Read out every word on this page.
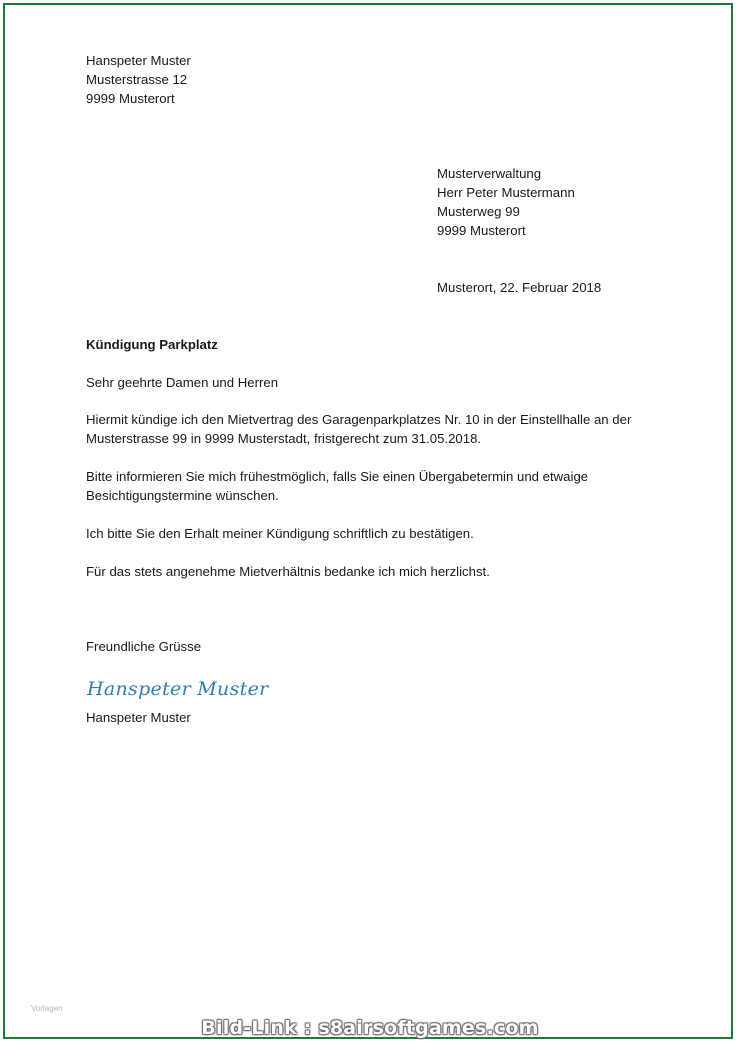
Hanspeter Muster

Musterstrasse 12

9999 Musterort

Musterverwaltung

Herr Peter Mustermann

Musterweg 99

9999 Musterort

Musterort, 22. Februar 2018

Kündigung Parkplatz

Sehr geehrte Damen und Herren

Hiermit kündige ich den Mietvertrag des Garagenparkplatzes Nr. 10 in der Einstellhalle an der

Musterstrasse 99 in 9999 Musterstadt, fristgerecht zum 31.05.2018.

Bitte informieren Sie mich frühestmöglich, falls Sie einen Übergabetermin und etwaige

Besichtigungstermine wünschen.

Ich bitte Sie den Erhalt meiner Kündigung schriftlich zu bestätigen.

Für das stets angenehme Mietverhältnis bedanke ich mich herzlichst.

Freundliche Grüsse

Hanspeter Muster

Hanspeter Muster

Vorlagen
Bild-Link : s8airsoftgames.com
